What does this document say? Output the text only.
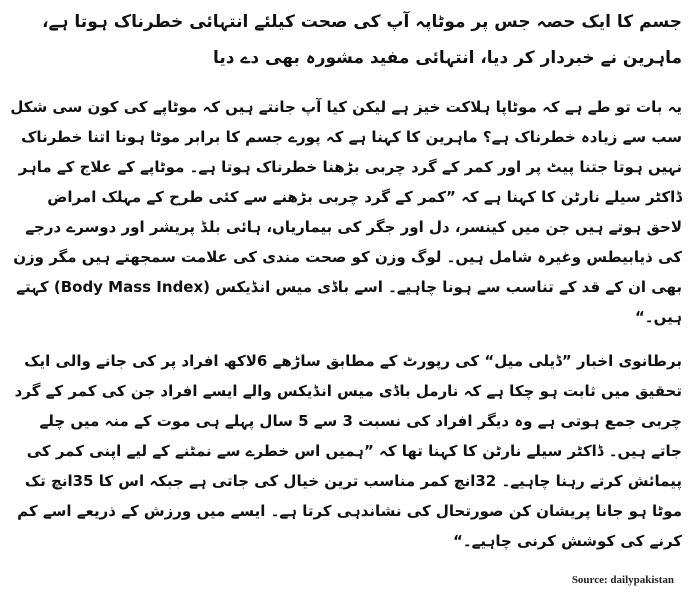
جسم کا ایک حصہ جس پر موٹاپہ آپ کی صحت کیلئے انتہائی خطرناک ہوتا ہے، ماہرین نے خبردار کر دیا، انتہائی مفید مشورہ بھی دے دیا

یہ بات تو طے ہے کہ موٹاپا ہلاکت خیز ہے لیکن کیا آپ جانتے ہیں کہ موٹاپے کی کون سی شکل سب سے زیادہ خطرناک ہے؟ ماہرین کا کہنا ہے کہ پورے جسم کا برابر موٹا ہونا اتنا خطرناک نہیں ہوتا جتنا پیٹ پر اور کمر کے گرد چربی بڑھنا خطرناک ہوتا ہے۔ موٹاپے کے علاج کے ماہر ڈاکٹر سیلے نارٹن کا کہنا ہے کہ ”کمر کے گرد چربی بڑھنے سے کئی طرح کے مہلک امراض لاحق ہوتے ہیں جن میں کینسر، دل اور جگر کی بیماریاں، ہائی بلڈ پریشر اور دوسرے درجے کی ذیابیطس وغیرہ شامل ہیں۔ لوگ وزن کو صحت مندی کی علامت سمجھتے ہیں مگر وزن بھی ان کے قد کے تناسب سے ہونا چاہیے۔ اسے باڈی میس انڈیکس (Body Mass Index) کہتے ہیں۔“

برطانوی اخبار ”ڈیلی میل“ کی رپورٹ کے مطابق ساڑھے 6لاکھ افراد پر کی جانے والی ایک تحقیق میں ثابت ہو چکا ہے کہ نارمل باڈی میس انڈیکس والے ایسے افراد جن کی کمر کے گرد چربی جمع ہوتی ہے وہ دیگر افراد کی نسبت 3 سے 5 سال پہلے ہی موت کے منہ میں چلے جاتے ہیں۔ ڈاکٹر سیلے نارٹن کا کہنا تھا کہ ”ہمیں اس خطرے سے نمٹنے کے لیے اپنی کمر کی پیمائش کرتے رہنا چاہیے۔ 32انچ کمر مناسب ترین خیال کی جاتی ہے جبکہ اس کا 35انچ تک موٹا ہو جانا پریشان کن صورتحال کی نشاندہی کرتا ہے۔ ایسے میں ورزش کے ذریعے اسے کم کرنے کی کوشش کرنی چاہیے۔“

Source: dailypakistan
